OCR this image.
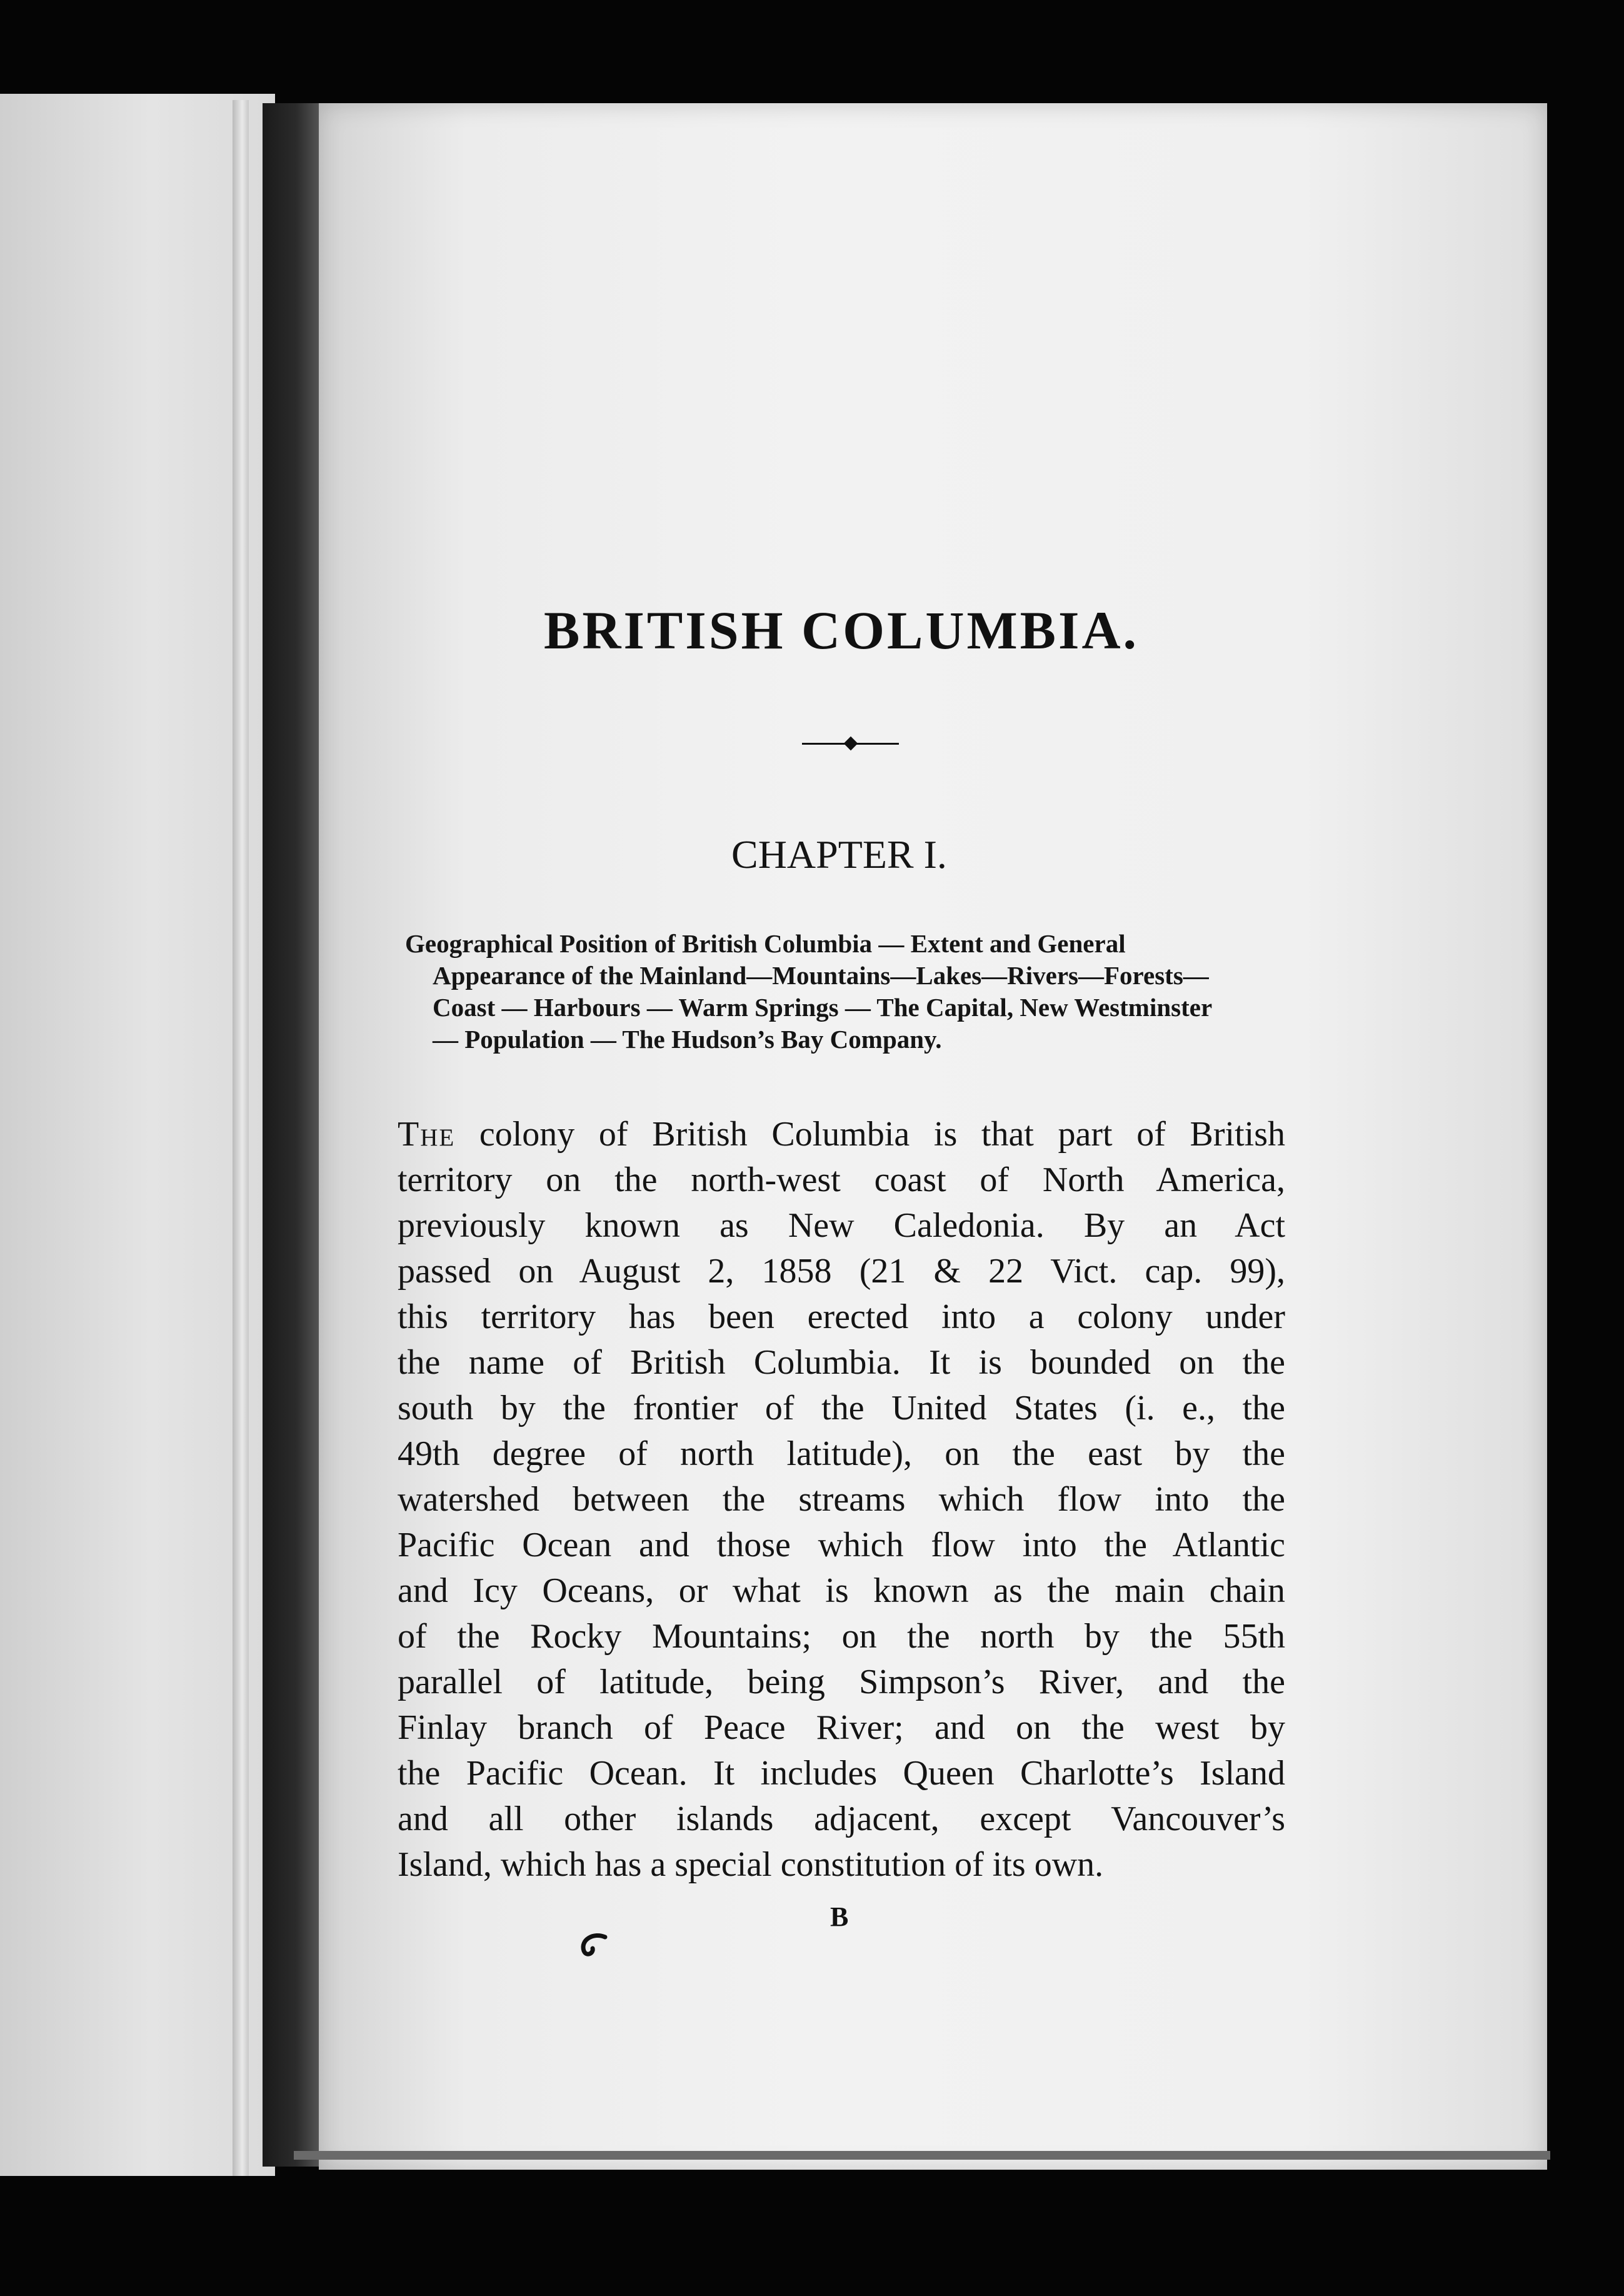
BRITISH COLUMBIA.
CHAPTER I.
Geographical Position of British Columbia — Extent and General
Appearance of the Mainland—Mountains—Lakes—Rivers—Forests—
Coast — Harbours — Warm Springs — The Capital, New Westminster
— Population — The Hudson’s Bay Company.
The colony of British Columbia is that part of British
territory on the north-west coast of North America,
previously known as New Caledonia. By an Act
passed on August 2, 1858 (21 & 22 Vict. cap. 99),
this territory has been erected into a colony under
the name of British Columbia. It is bounded on the
south by the frontier of the United States (i. e., the
49th degree of north latitude), on the east by the
watershed between the streams which flow into the
Pacific Ocean and those which flow into the Atlantic
and Icy Oceans, or what is known as the main chain
of the Rocky Mountains; on the north by the 55th
parallel of latitude, being Simpson’s River, and the
Finlay branch of Peace River; and on the west by
the Pacific Ocean. It includes Queen Charlotte’s Island
and all other islands adjacent, except Vancouver’s
Island, which has a special constitution of its own.
B
